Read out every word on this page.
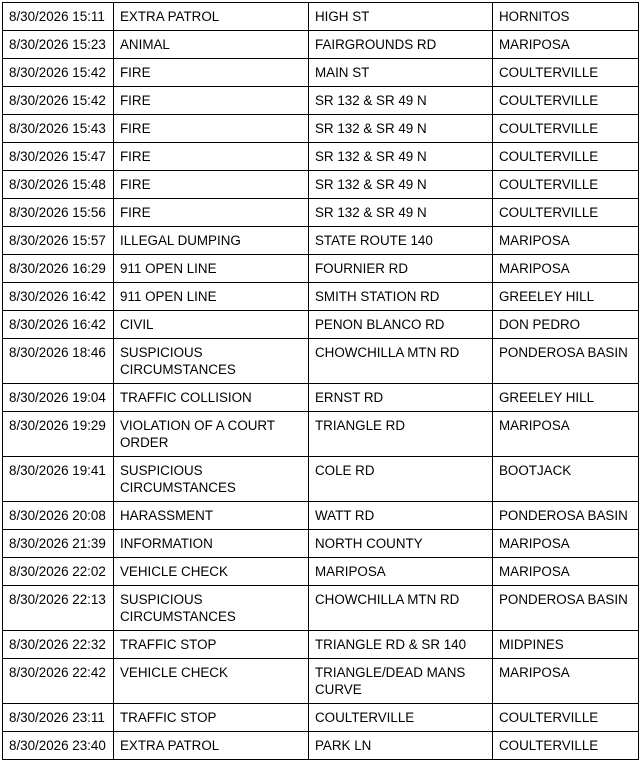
8/30/2026 15:11	EXTRA PATROL	HIGH ST	HORNITOS
8/30/2026 15:23	ANIMAL	FAIRGROUNDS RD	MARIPOSA
8/30/2026 15:42	FIRE	MAIN ST	COULTERVILLE
8/30/2026 15:42	FIRE	SR 132 & SR 49 N	COULTERVILLE
8/30/2026 15:43	FIRE	SR 132 & SR 49 N	COULTERVILLE
8/30/2026 15:47	FIRE	SR 132 & SR 49 N	COULTERVILLE
8/30/2026 15:48	FIRE	SR 132 & SR 49 N	COULTERVILLE
8/30/2026 15:56	FIRE	SR 132 & SR 49 N	COULTERVILLE
8/30/2026 15:57	ILLEGAL DUMPING	STATE ROUTE 140	MARIPOSA
8/30/2026 16:29	911 OPEN LINE	FOURNIER RD	MARIPOSA
8/30/2026 16:42	911 OPEN LINE	SMITH STATION RD	GREELEY HILL
8/30/2026 16:42	CIVIL	PENON BLANCO RD	DON PEDRO
8/30/2026 18:46	SUSPICIOUS
CIRCUMSTANCES	CHOWCHILLA MTN RD	PONDEROSA BASIN
8/30/2026 19:04	TRAFFIC COLLISION	ERNST RD	GREELEY HILL
8/30/2026 19:29	VIOLATION OF A COURT
ORDER	TRIANGLE RD	MARIPOSA
8/30/2026 19:41	SUSPICIOUS
CIRCUMSTANCES	COLE RD	BOOTJACK
8/30/2026 20:08	HARASSMENT	WATT RD	PONDEROSA BASIN
8/30/2026 21:39	INFORMATION	NORTH COUNTY	MARIPOSA
8/30/2026 22:02	VEHICLE CHECK	MARIPOSA	MARIPOSA
8/30/2026 22:13	SUSPICIOUS
CIRCUMSTANCES	CHOWCHILLA MTN RD	PONDEROSA BASIN
8/30/2026 22:32	TRAFFIC STOP	TRIANGLE RD & SR 140	MIDPINES
8/30/2026 22:42	VEHICLE CHECK	TRIANGLE/DEAD MANS
CURVE	MARIPOSA
8/30/2026 23:11	TRAFFIC STOP	COULTERVILLE	COULTERVILLE
8/30/2026 23:40	EXTRA PATROL	PARK LN	COULTERVILLE
